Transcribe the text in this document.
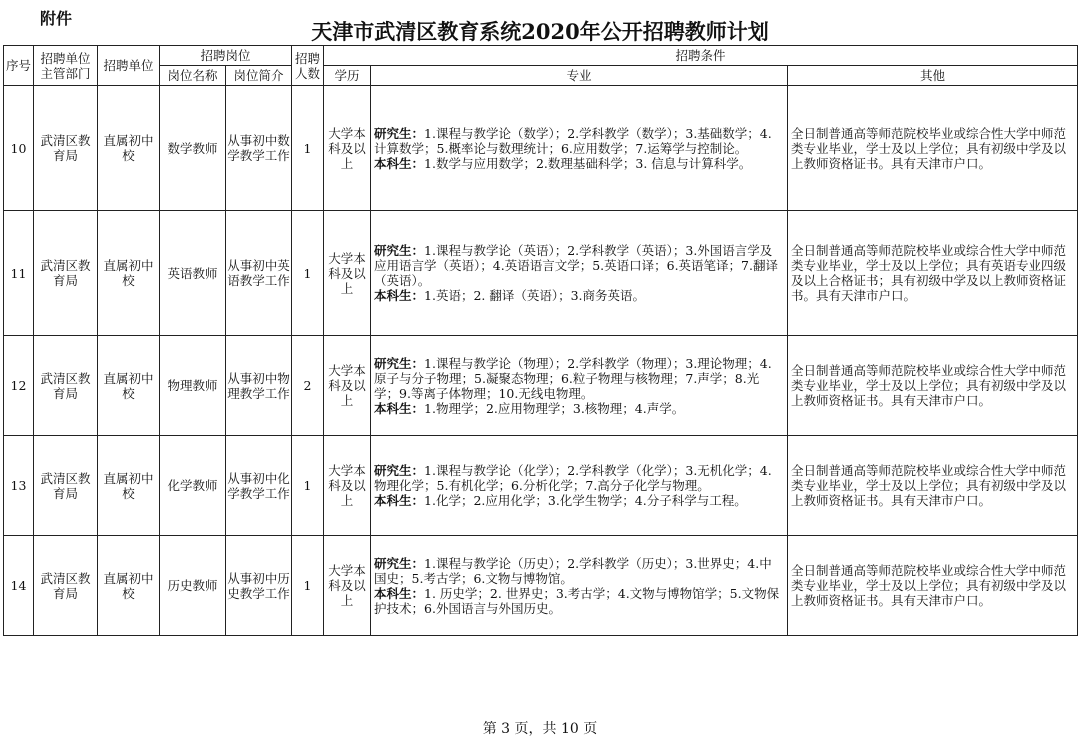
附件
天津市武清区教育系统2020年公开招聘教师计划
序号	招聘单位主管部门	招聘单位	招聘岗位		招聘人数	招聘条件		
			岗位名称	岗位简介		学历	专业	其他
10	武清区教育局	直属初中校	数学教师	从事初中数学教学工作	1	大学本科及以上	研究生：1.课程与教学论（数学）；2.学科教学（数学）；3.基础数学；4.计算数学；5.概率论与数理统计；6.应用数学；7.运筹学与控制论。
本科生：1.数学与应用数学；2.数理基础科学；3. 信息与计算科学。	全日制普通高等师范院校毕业或综合性大学中师范类专业毕业，学士及以上学位；具有初级中学及以上教师资格证书。具有天津市户口。
11	武清区教育局	直属初中校	英语教师	从事初中英语教学工作	1	大学本科及以上	研究生：1.课程与教学论（英语）；2.学科教学（英语）；3.外国语言学及应用语言学（英语）；4.英语语言文学；5.英语口译；6.英语笔译；7.翻译（英语）。
本科生：1.英语；2. 翻译（英语）；3.商务英语。	全日制普通高等师范院校毕业或综合性大学中师范类专业毕业，学士及以上学位；具有英语专业四级及以上合格证书；具有初级中学及以上教师资格证书。具有天津市户口。
12	武清区教育局	直属初中校	物理教师	从事初中物理教学工作	2	大学本科及以上	研究生：1.课程与教学论（物理）；2.学科教学（物理）；3.理论物理；4.原子与分子物理；5.凝聚态物理；6.粒子物理与核物理；7.声学；8.光学；9.等离子体物理；10.无线电物理。
本科生：1.物理学；2.应用物理学；3.核物理；4.声学。	全日制普通高等师范院校毕业或综合性大学中师范类专业毕业，学士及以上学位；具有初级中学及以上教师资格证书。具有天津市户口。
13	武清区教育局	直属初中校	化学教师	从事初中化学教学工作	1	大学本科及以上	研究生：1.课程与教学论（化学）；2.学科教学（化学）；3.无机化学；4.物理化学；5.有机化学；6.分析化学；7.高分子化学与物理。
本科生：1.化学；2.应用化学；3.化学生物学；4.分子科学与工程。	全日制普通高等师范院校毕业或综合性大学中师范类专业毕业，学士及以上学位；具有初级中学及以上教师资格证书。具有天津市户口。
14	武清区教育局	直属初中校	历史教师	从事初中历史教学工作	1	大学本科及以上	研究生：1.课程与教学论（历史）；2.学科教学（历史）；3.世界史；4.中国史；5.考古学；6.文物与博物馆。
本科生：1. 历史学；2. 世界史；3.考古学；4.文物与博物馆学；5.文物保护技术；6.外国语言与外国历史。	全日制普通高等师范院校毕业或综合性大学中师范类专业毕业，学士及以上学位；具有初级中学及以上教师资格证书。具有天津市户口。
第 3 页，共 10 页
